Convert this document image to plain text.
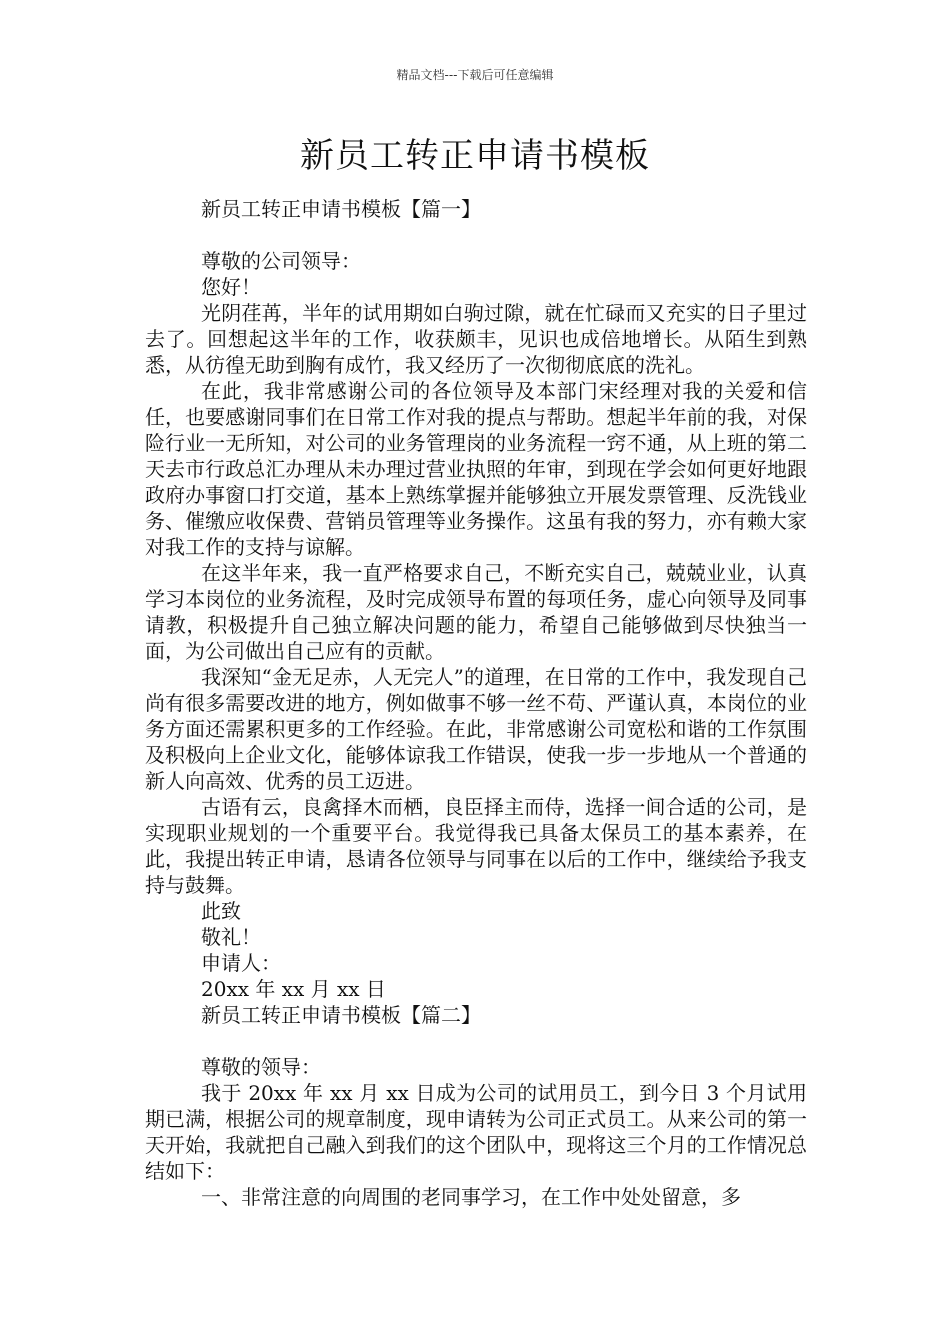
精品文档---下载后可任意编辑
新员工转正申请书模板

新员工转正申请书模板【篇一】

尊敬的公司领导：

您好！

光阴荏苒，半年的试用期如白驹过隙，就在忙碌而又充实的日子里过去了。回想起这半年的工作，收获颇丰，见识也成倍地增长。从陌生到熟悉，从彷徨无助到胸有成竹，我又经历了一次彻彻底底的洗礼。

在此，我非常感谢公司的各位领导及本部门宋经理对我的关爱和信任，也要感谢同事们在日常工作对我的提点与帮助。想起半年前的我，对保险行业一无所知，对公司的业务管理岗的业务流程一窍不通，从上班的第二天去市行政总汇办理从未办理过营业执照的年审，到现在学会如何更好地跟政府办事窗口打交道，基本上熟练掌握并能够独立开展发票管理、反洗钱业务、催缴应收保费、营销员管理等业务操作。这虽有我的努力，亦有赖大家对我工作的支持与谅解。

在这半年来，我一直严格要求自己，不断充实自己，兢兢业业，认真学习本岗位的业务流程，及时完成领导布置的每项任务，虚心向领导及同事请教，积极提升自己独立解决问题的能力，希望自己能够做到尽快独当一面，为公司做出自己应有的贡献。

我深知“金无足赤，人无完人”的道理，在日常的工作中，我发现自己尚有很多需要改进的地方，例如做事不够一丝不苟、严谨认真，本岗位的业务方面还需累积更多的工作经验。在此，非常感谢公司宽松和谐的工作氛围及积极向上企业文化，能够体谅我工作错误，使我一步一步地从一个普通的新人向高效、优秀的员工迈进。

古语有云，良禽择木而栖，良臣择主而侍，选择一间合适的公司，是实现职业规划的一个重要平台。我觉得我已具备太保员工的基本素养，在此，我提出转正申请，恳请各位领导与同事在以后的工作中，继续给予我支持与鼓舞。

此致

敬礼！

申请人：

20xx 年 xx 月 xx 日

新员工转正申请书模板【篇二】

尊敬的领导：

我于 20xx 年 xx 月 xx 日成为公司的试用员工，到今日 3 个月试用期已满，根据公司的规章制度，现申请转为公司正式员工。从来公司的第一天开始，我就把自己融入到我们的这个团队中，现将这三个月的工作情况总结如下：

一、非常注意的向周围的老同事学习，在工作中处处留意，多
